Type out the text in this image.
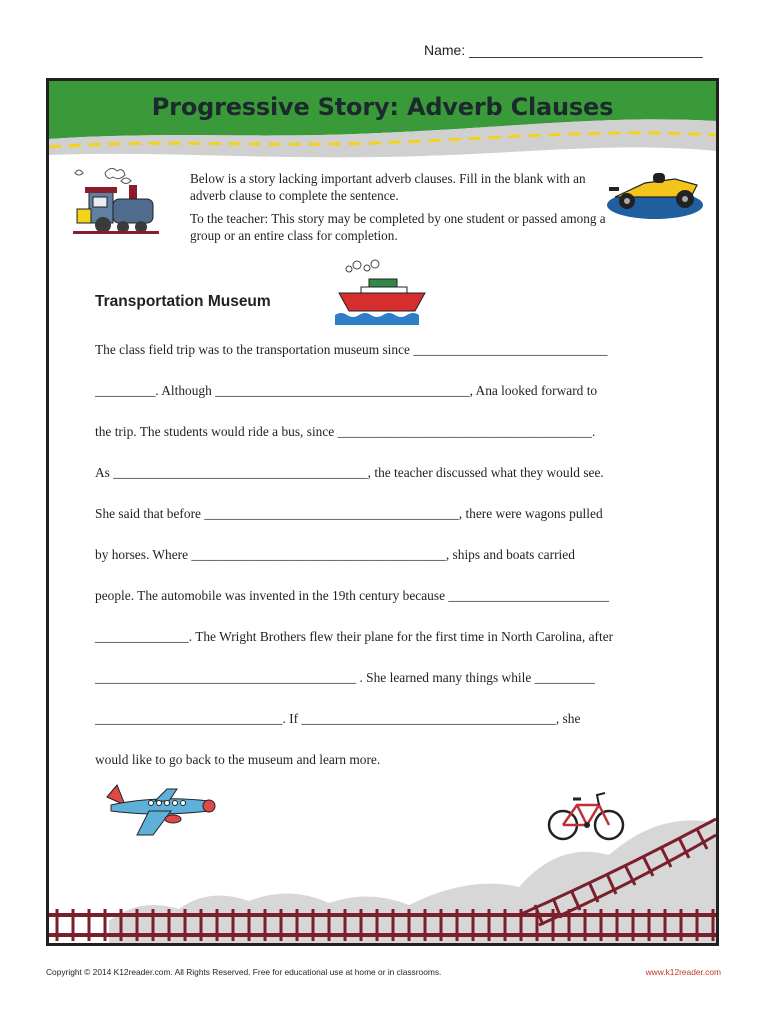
Name: ______________________________
Progressive Story: Adverb Clauses

Below is a story lacking important adverb clauses. Fill in the blank with an adverb clause to complete the sentence.

To the teacher: This story may be completed by one student or passed among a group or an entire class for completion.

Transportation Museum
The class field trip was to the transportation museum since _____________________________
_________. Although ______________________________________, Ana looked forward to
the trip. The students would ride a bus, since ______________________________________.
As ______________________________________, the teacher discussed what they would see.
She said that before ______________________________________, there were wagons pulled
by horses. Where ______________________________________, ships and boats carried
people. The automobile was invented in the 19th century because ________________________
______________. The Wright Brothers flew their plane for the first time in North Carolina, after
_______________________________________ . She learned many things while _________
____________________________. If ______________________________________, she
would like to go back to the museum and learn more.
Copyright © 2014 K12reader.com. All Rights Reserved. Free for educational use at home or in classrooms.	www.k12reader.com
